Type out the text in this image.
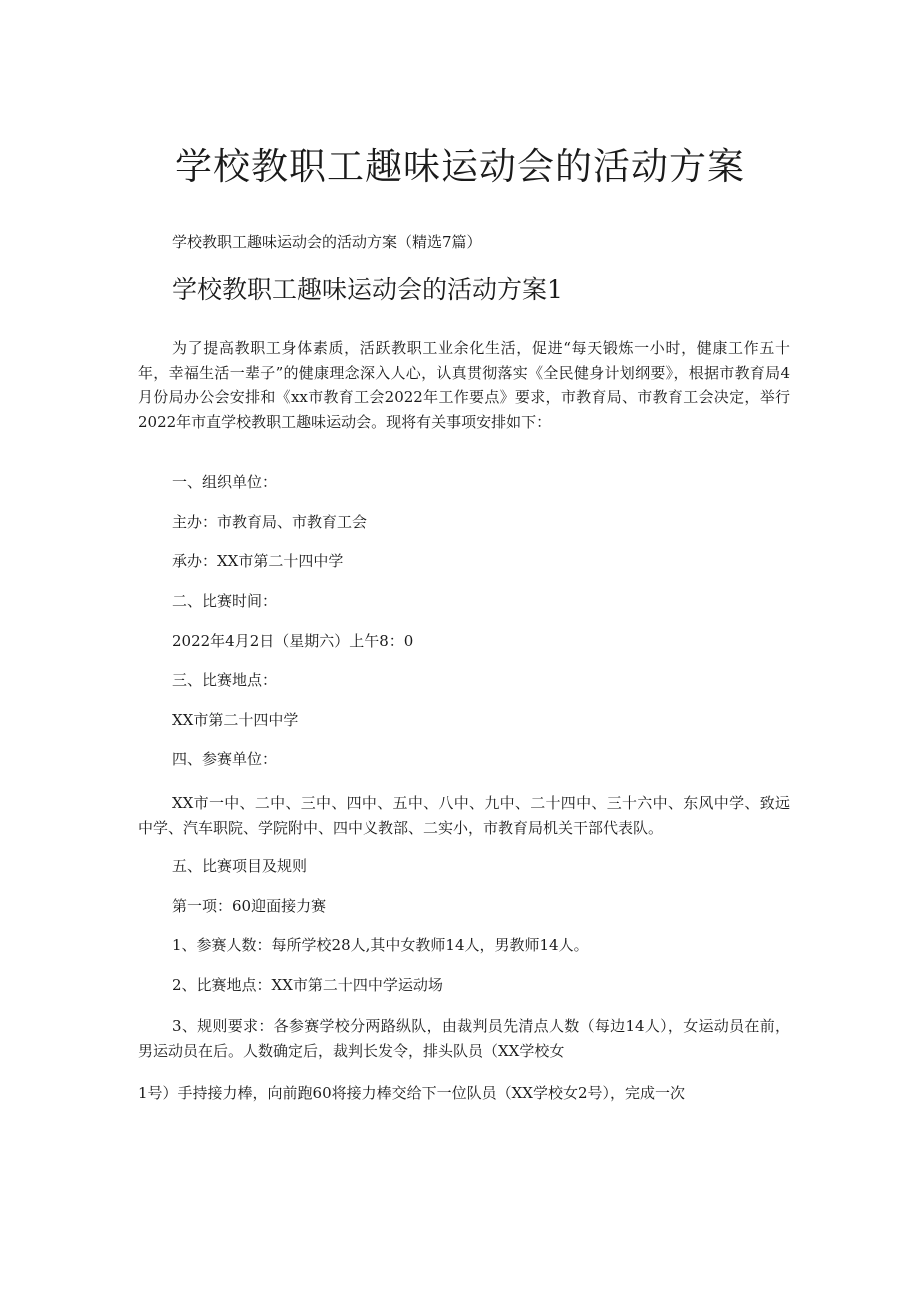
学校教职工趣味运动会的活动方案
学校教职工趣味运动会的活动方案（精选7篇）
学校教职工趣味运动会的活动方案1

为了提高教职工身体素质，活跃教职工业余化生活，促进“每天锻炼一小时，健康工作五十年，幸福生活一辈子”的健康理念深入人心，认真贯彻落实《全民健身计划纲要》，根据市教育局4月份局办公会安排和《xx市教育工会2022年工作要点》要求，市教育局、市教育工会决定，举行2022年市直学校教职工趣味运动会。现将有关事项安排如下：

一、组织单位：
主办：市教育局、市教育工会
承办：XX市第二十四中学
二、比赛时间：
2022年4月2日（星期六）上午8：0
三、比赛地点：
XX市第二十四中学
四、参赛单位：

XX市一中、二中、三中、四中、五中、八中、九中、二十四中、三十六中、东风中学、致远中学、汽车职院、学院附中、四中义教部、二实小，市教育局机关干部代表队。

五、比赛项目及规则
第一项：60迎面接力赛
1、参赛人数：每所学校28人,其中女教师14人，男教师14人。
2、比赛地点：XX市第二十四中学运动场

3、规则要求：各参赛学校分两路纵队，由裁判员先清点人数（每边14人），女运动员在前，男运动员在后。人数确定后，裁判长发令，排头队员（XX学校女

1号）手持接力棒，向前跑60将接力棒交给下一位队员（XX学校女2号），完成一次
